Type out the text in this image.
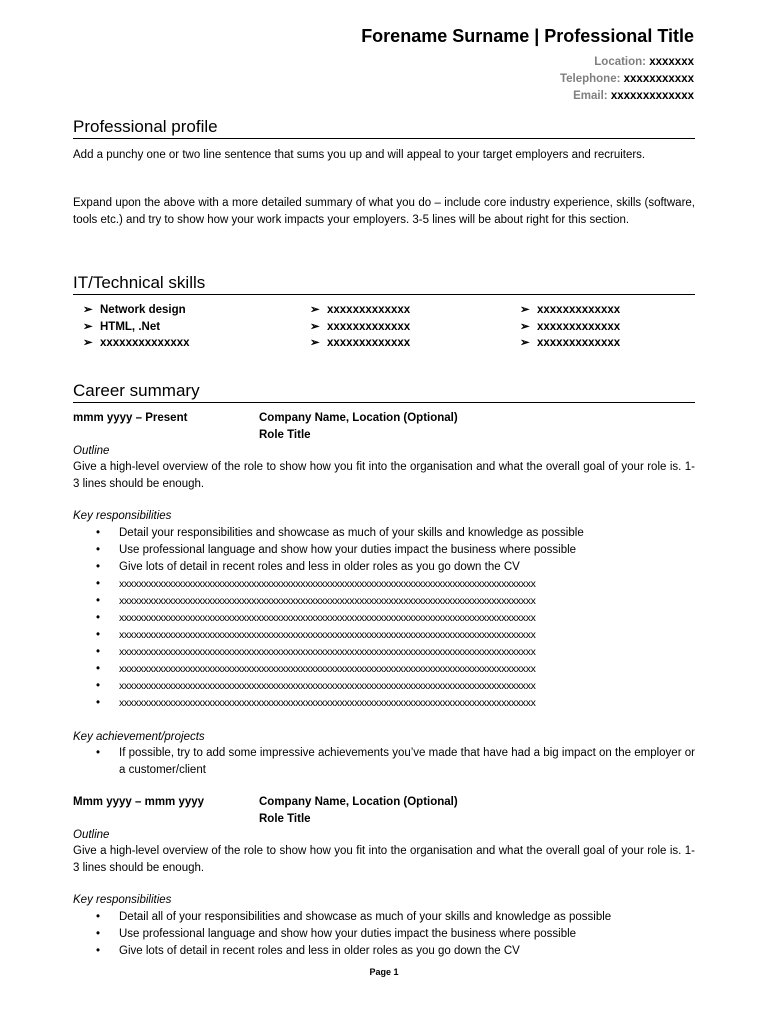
Forename Surname | Professional Title
Location: xxxxxxx
Telephone: xxxxxxxxxxx
Email: xxxxxxxxxxxxx
Professional profile
Add a punchy one or two line sentence that sums you up and will appeal to your target employers and recruiters.
Expand upon the above with a more detailed summary of what you do – include core industry experience, skills (software, tools etc.) and try to show how your work impacts your employers. 3-5 lines will be about right for this section.
IT/Technical skills
➢ Network design
➢ HTML, .Net
➢ xxxxxxxxxxxxxx
➢ xxxxxxxxxxxxx
➢ xxxxxxxxxxxxx
➢ xxxxxxxxxxxxx
➢ xxxxxxxxxxxxx
➢ xxxxxxxxxxxxx
➢ xxxxxxxxxxxxx
Career summary
mmm yyyy – Present	Company Name, Location (Optional)
Role Title
Outline
Give a high-level overview of the role to show how you fit into the organisation and what the overall goal of your role is. 1-3 lines should be enough.
Key responsibilities
• Detail your responsibilities and showcase as much of your skills and knowledge as possible
• Use professional language and show how your duties impact the business where possible
• Give lots of detail in recent roles and less in older roles as you go down the CV
• xxxxxxxxxxxxxxxxxxxxxxxxxxxxxxxxxxxxxxxxxxxxxxxxxxxxxxxxxxxxxxxxxxxxxxxxxxxxxxxxxxxxx
• xxxxxxxxxxxxxxxxxxxxxxxxxxxxxxxxxxxxxxxxxxxxxxxxxxxxxxxxxxxxxxxxxxxxxxxxxxxxxxxxxxxxx
• xxxxxxxxxxxxxxxxxxxxxxxxxxxxxxxxxxxxxxxxxxxxxxxxxxxxxxxxxxxxxxxxxxxxxxxxxxxxxxxxxxxxx
• xxxxxxxxxxxxxxxxxxxxxxxxxxxxxxxxxxxxxxxxxxxxxxxxxxxxxxxxxxxxxxxxxxxxxxxxxxxxxxxxxxxxx
• xxxxxxxxxxxxxxxxxxxxxxxxxxxxxxxxxxxxxxxxxxxxxxxxxxxxxxxxxxxxxxxxxxxxxxxxxxxxxxxxxxxxx
• xxxxxxxxxxxxxxxxxxxxxxxxxxxxxxxxxxxxxxxxxxxxxxxxxxxxxxxxxxxxxxxxxxxxxxxxxxxxxxxxxxxxx
• xxxxxxxxxxxxxxxxxxxxxxxxxxxxxxxxxxxxxxxxxxxxxxxxxxxxxxxxxxxxxxxxxxxxxxxxxxxxxxxxxxxxx
• xxxxxxxxxxxxxxxxxxxxxxxxxxxxxxxxxxxxxxxxxxxxxxxxxxxxxxxxxxxxxxxxxxxxxxxxxxxxxxxxxxxxx
Key achievement/projects
• If possible, try to add some impressive achievements you’ve made that have had a big impact on the employer or a customer/client
Mmm yyyy – mmm yyyy	Company Name, Location (Optional)
Role Title
Outline
Give a high-level overview of the role to show how you fit into the organisation and what the overall goal of your role is. 1-3 lines should be enough.
Key responsibilities
• Detail all of your responsibilities and showcase as much of your skills and knowledge as possible
• Use professional language and show how your duties impact the business where possible
• Give lots of detail in recent roles and less in older roles as you go down the CV
Page 1
